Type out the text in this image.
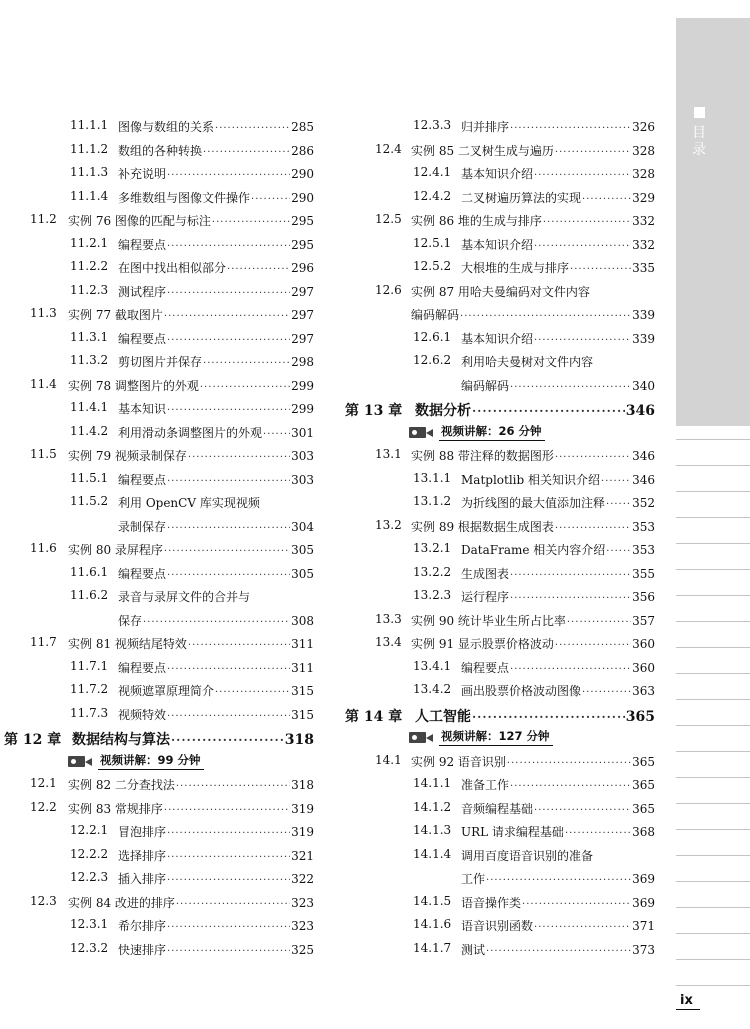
目录
11.1.1 图像与数组的关系 ·····	285
11.1.2 数组的各种转换 ·····	286
11.1.3 补充说明 ·····	290
11.1.4 多维数组与图像文件操作 ·····	290
11.2 实例 76 图像的匹配与标注 ·····	295
11.2.1 编程要点 ·····	295
11.2.2 在图中找出相似部分 ·····	296
11.2.3 测试程序 ·····	297
11.3 实例 77 截取图片 ·····	297
11.3.1 编程要点 ·····	297
11.3.2 剪切图片并保存 ·····	298
11.4 实例 78 调整图片的外观 ·····	299
11.4.1 基本知识 ·····	299
11.4.2 利用滑动条调整图片的外观 ····· 301
11.5 实例 79 视频录制保存 ·····	303
11.5.1 编程要点 ·····	303
11.5.2 利用 OpenCV 库实现视频
录制保存 ·····	304
11.6 实例 80 录屏程序 ·····	305
11.6.1 编程要点 ·····	305
11.6.2 录音与录屏文件的合并与
保存 ·····	308
11.7 实例 81 视频结尾特效 ·····	311
11.7.1 编程要点 ·····	311
11.7.2 视频遮罩原理简介 ·····	315
11.7.3 视频特效 ·····	315
第 12 章 数据结构与算法 ·····	318
视频讲解：99 分钟
12.1 实例 82 二分查找法 ·····	318
12.2 实例 83 常规排序 ·····	319
12.2.1 冒泡排序 ·····	319
12.2.2 选择排序 ·····	321
12.2.3 插入排序 ·····	322
12.3 实例 84 改进的排序 ·····	323
12.3.1 希尔排序 ·····	323
12.3.2 快速排序 ·····	325
12.3.3 归并排序 ·····	326
12.4 实例 85 二叉树生成与遍历 ·····	328
12.4.1 基本知识介绍 ·····	328
12.4.2 二叉树遍历算法的实现 ·····	329
12.5 实例 86 堆的生成与排序 ·····	332
12.5.1 基本知识介绍 ·····	332
12.5.2 大根堆的生成与排序 ·····	335
12.6 实例 87 用哈夫曼编码对文件内容
编码解码 ·····	339
12.6.1 基本知识介绍 ·····	339
12.6.2 利用哈夫曼树对文件内容
编码解码 ·····	340
第 13 章 数据分析 ·····	346
视频讲解：26 分钟
13.1 实例 88 带注释的数据图形 ·····	346
13.1.1 Matplotlib 相关知识介绍 ·····	346
13.1.2 为折线图的最大值添加注释 ····· 352
13.2 实例 89 根据数据生成图表 ·····	353
13.2.1 DataFrame 相关内容介绍 ····· 353
13.2.2 生成图表 ·····	355
13.2.3 运行程序 ·····	356
13.3 实例 90 统计毕业生所占比率 ·····	357
13.4 实例 91 显示股票价格波动 ·····	360
13.4.1 编程要点 ·····	360
13.4.2 画出股票价格波动图像 ·····	363
第 14 章 人工智能 ·····	365
视频讲解：127 分钟
14.1 实例 92 语音识别 ·····	365
14.1.1 准备工作 ·····	365
14.1.2 音频编程基础 ·····	365
14.1.3 URL 请求编程基础 ·····	368
14.1.4 调用百度语音识别的准备
工作 ·····	369
14.1.5 语音操作类 ·····	369
14.1.6 语音识别函数 ·····	371
14.1.7 测试 ·····	373
ix
